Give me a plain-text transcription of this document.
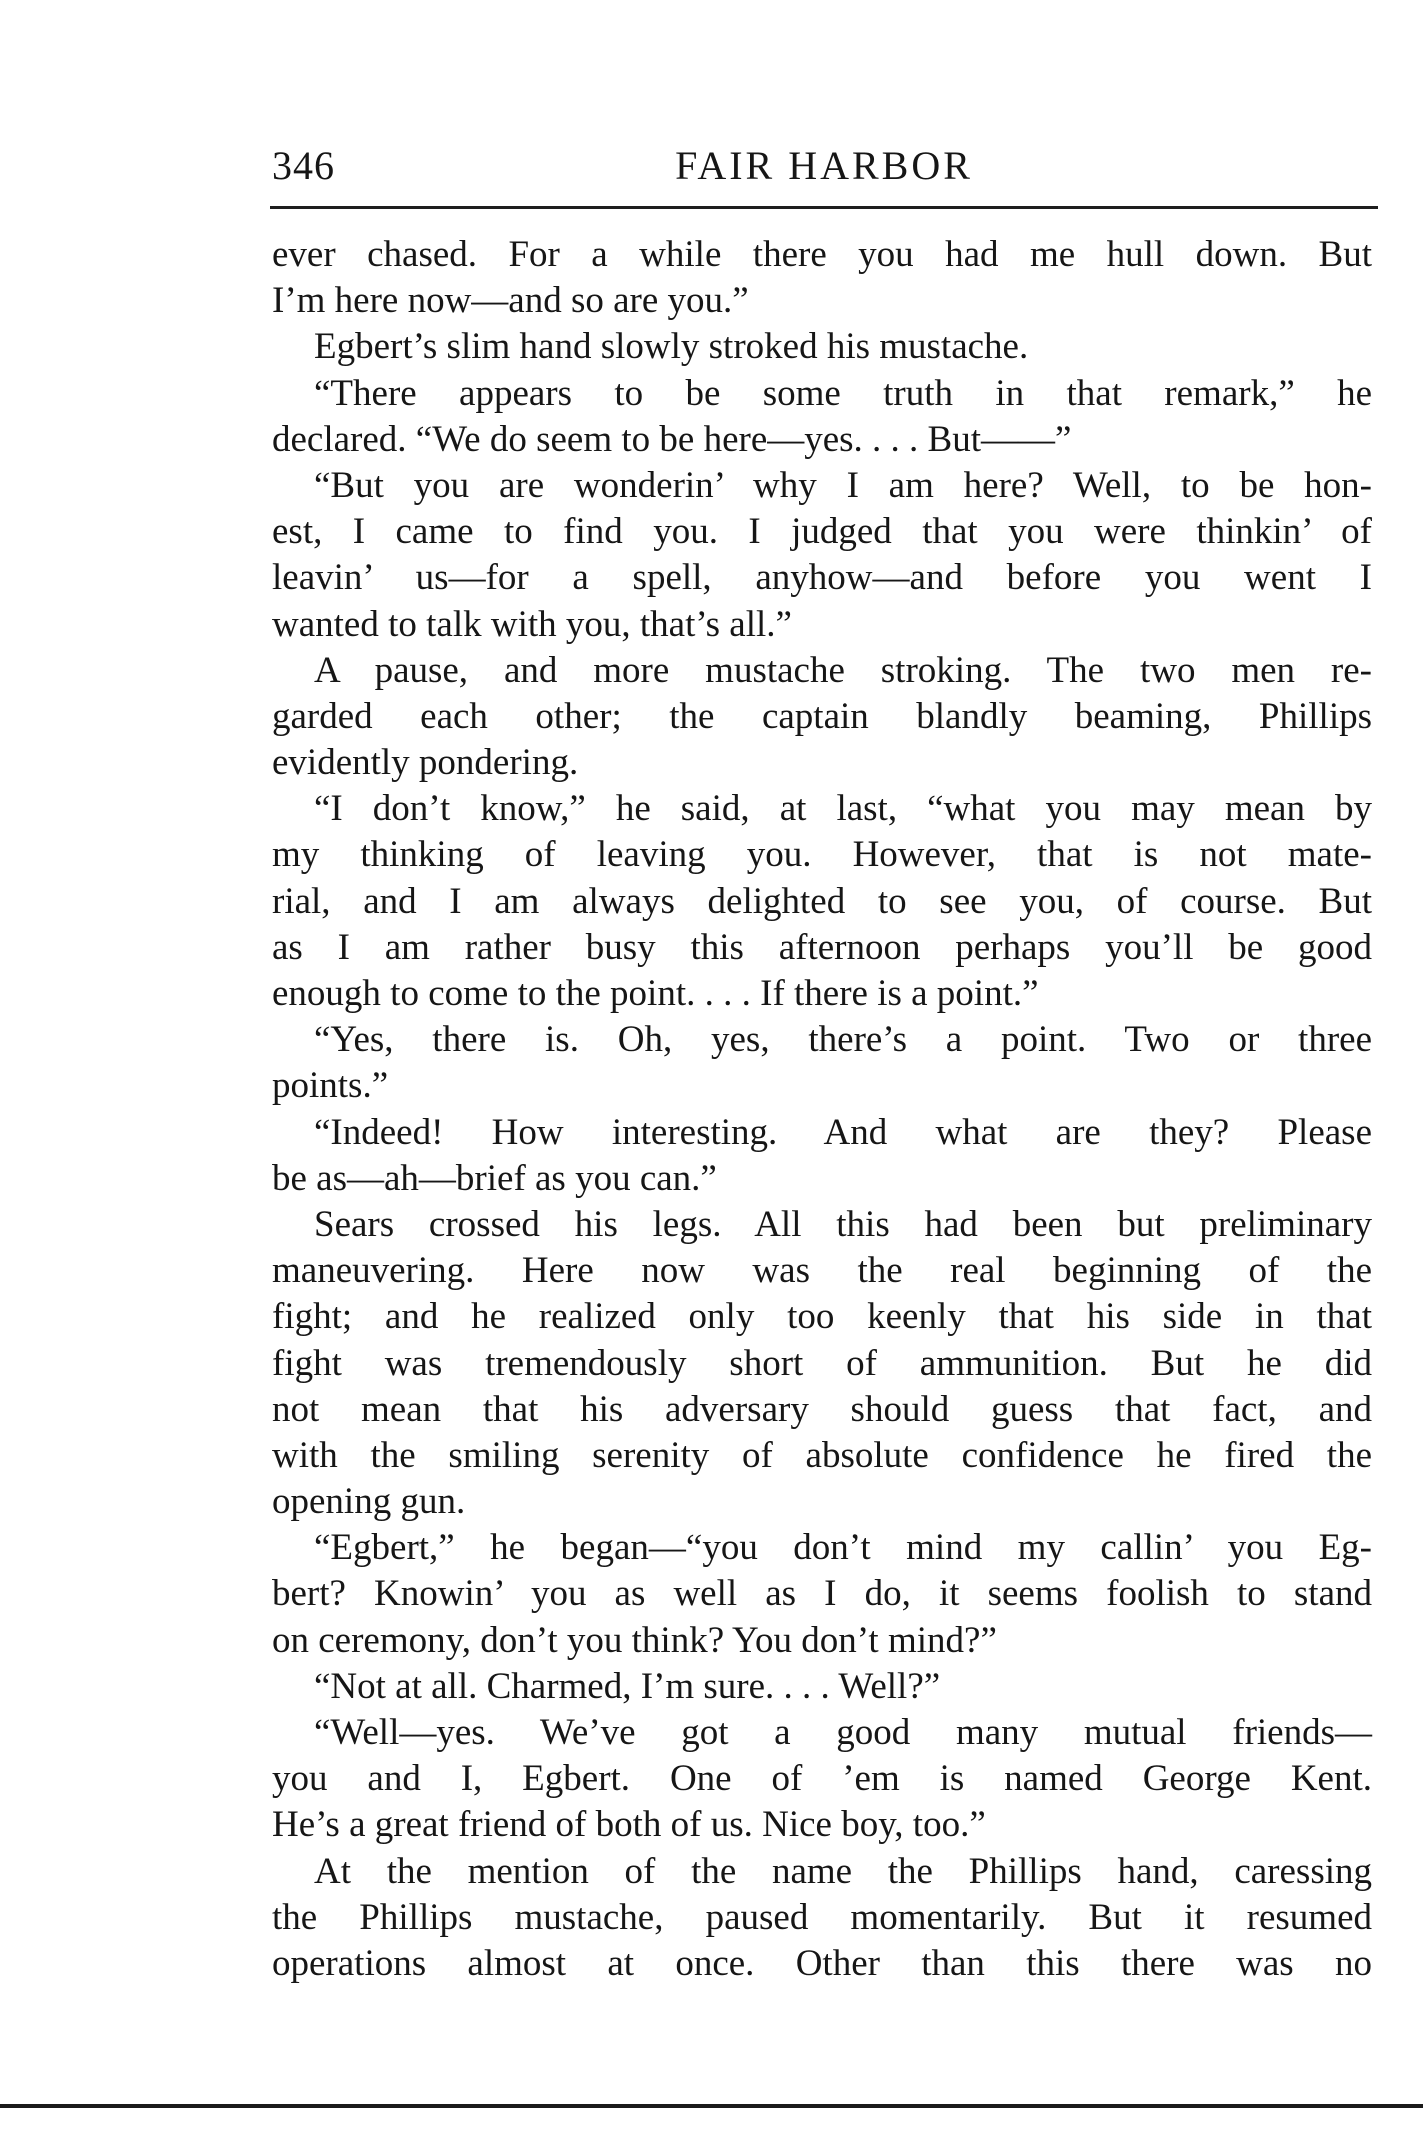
346	FAIR HARBOR
ever chased. For a while there you had me hull down. But
I’m here now—and so are you.”
Egbert’s slim hand slowly stroked his mustache.
“There appears to be some truth in that remark,” he
declared. “We do seem to be here—yes. . . . But——”
“But you are wonderin’ why I am here? Well, to be hon-
est, I came to find you. I judged that you were thinkin’ of
leavin’ us—for a spell, anyhow—and before you went I
wanted to talk with you, that’s all.”
A pause, and more mustache stroking. The two men re-
garded each other; the captain blandly beaming, Phillips
evidently pondering.
“I don’t know,” he said, at last, “what you may mean by
my thinking of leaving you. However, that is not mate-
rial, and I am always delighted to see you, of course. But
as I am rather busy this afternoon perhaps you’ll be good
enough to come to the point. . . . If there is a point.”
“Yes, there is. Oh, yes, there’s a point. Two or three
points.”
“Indeed! How interesting. And what are they? Please
be as—ah—brief as you can.”
Sears crossed his legs. All this had been but preliminary
maneuvering. Here now was the real beginning of the
fight; and he realized only too keenly that his side in that
fight was tremendously short of ammunition. But he did
not mean that his adversary should guess that fact, and
with the smiling serenity of absolute confidence he fired the
opening gun.
“Egbert,” he began—“you don’t mind my callin’ you Eg-
bert? Knowin’ you as well as I do, it seems foolish to stand
on ceremony, don’t you think? You don’t mind?”
“Not at all. Charmed, I’m sure. . . . Well?”
“Well—yes. We’ve got a good many mutual friends—
you and I, Egbert. One of ’em is named George Kent.
He’s a great friend of both of us. Nice boy, too.”
At the mention of the name the Phillips hand, caressing
the Phillips mustache, paused momentarily. But it resumed
operations almost at once. Other than this there was no
